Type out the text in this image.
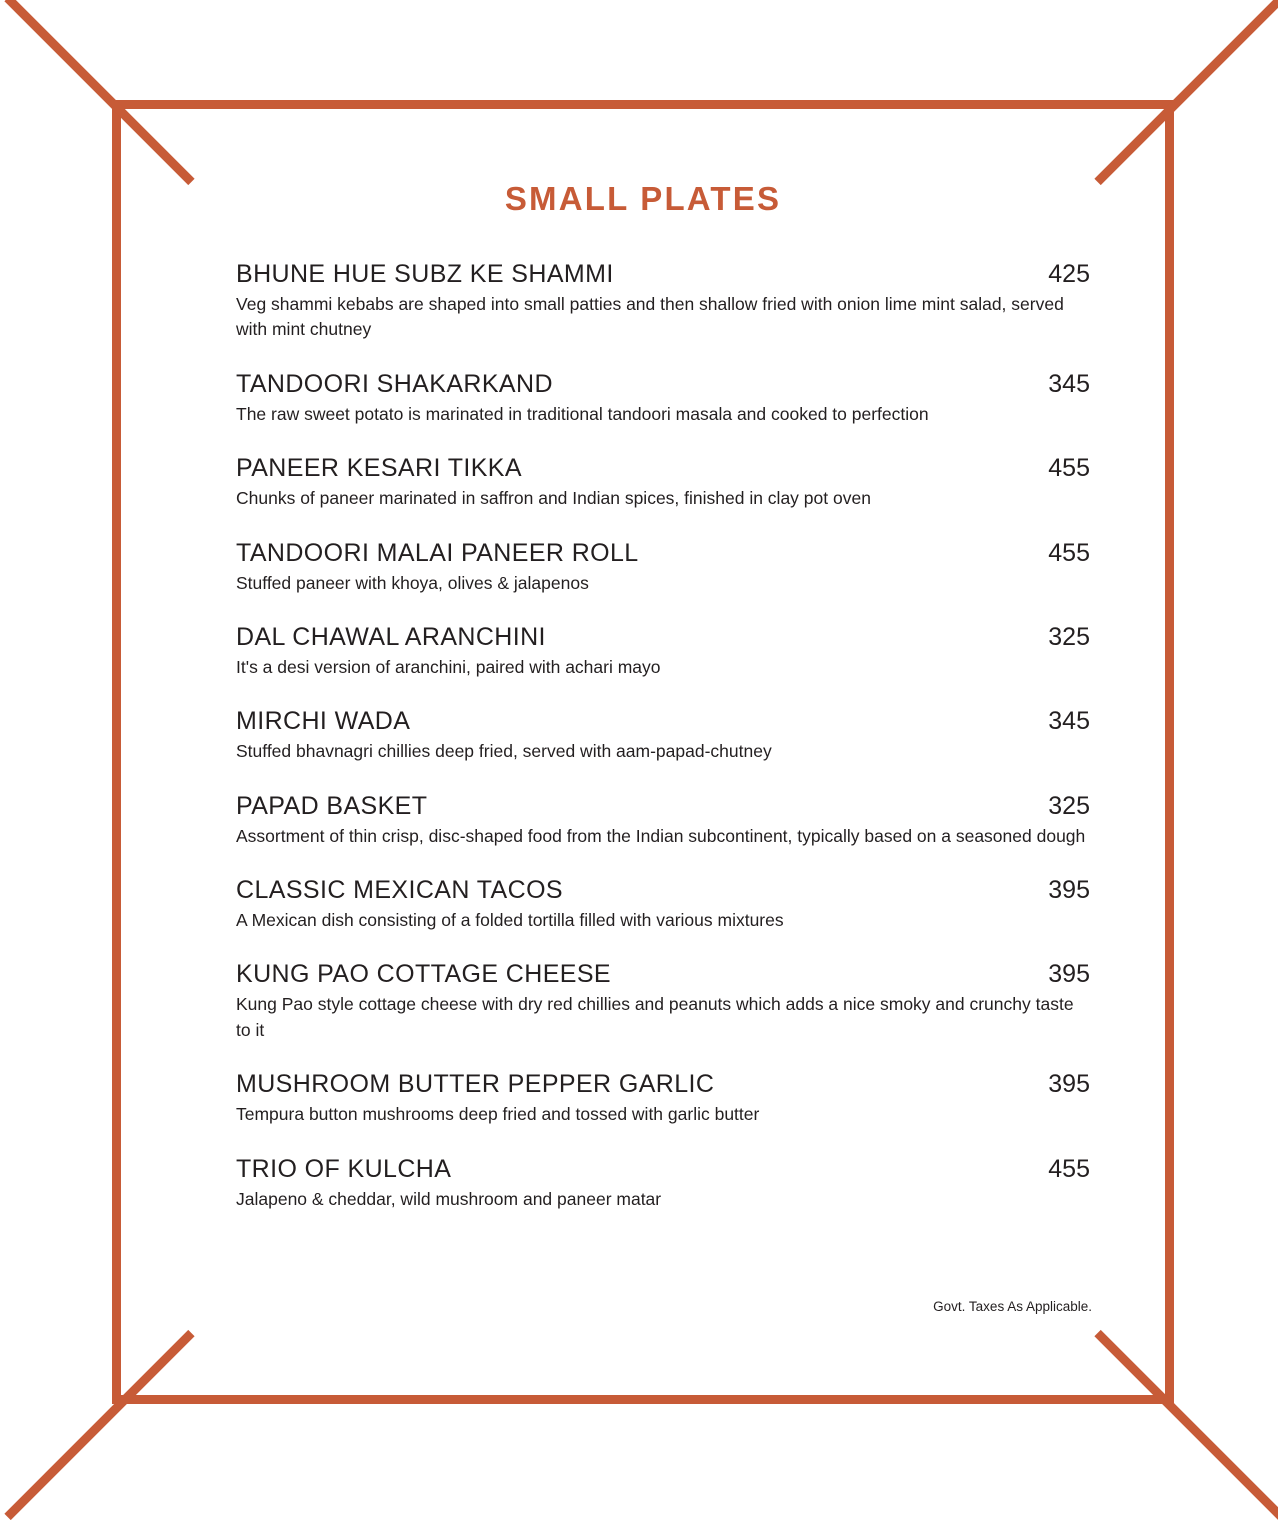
SMALL PLATES
BHUNE HUE SUBZ KE SHAMMI	425
Veg shammi kebabs are shaped into small patties and then shallow fried with onion lime mint salad, served with mint chutney
TANDOORI SHAKARKAND	345
The raw sweet potato is marinated in traditional tandoori masala and cooked to perfection
PANEER KESARI TIKKA	455
Chunks of paneer marinated in saffron and Indian spices, finished in clay pot oven
TANDOORI MALAI PANEER ROLL	455
Stuffed paneer with khoya, olives & jalapenos
DAL CHAWAL ARANCHINI	325
It's a desi version of aranchini, paired with achari mayo
MIRCHI WADA	345
Stuffed bhavnagri chillies deep fried, served with aam-papad-chutney
PAPAD BASKET	325
Assortment of thin crisp, disc-shaped food from the Indian subcontinent, typically based on a seasoned dough
CLASSIC MEXICAN TACOS	395
A Mexican dish consisting of a folded tortilla filled with various mixtures
KUNG PAO COTTAGE CHEESE	395
Kung Pao style cottage cheese with dry red chillies and peanuts which adds a nice smoky and crunchy taste to it
MUSHROOM BUTTER PEPPER GARLIC	395
Tempura button mushrooms deep fried and tossed with garlic butter
TRIO OF KULCHA	455
Jalapeno & cheddar, wild mushroom and paneer matar
Govt. Taxes As Applicable.
